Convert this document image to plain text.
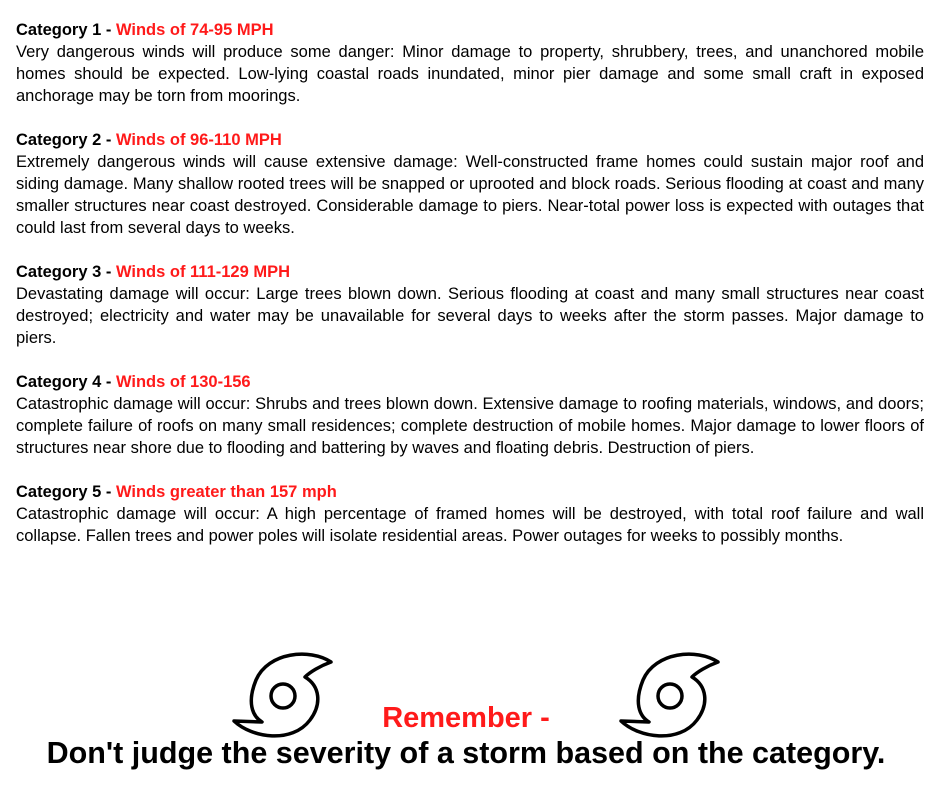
Category 1 - Winds of 74-95 MPH

Very dangerous winds will produce some danger: Minor damage to property, shrubbery, trees, and unanchored mobile homes should be expected. Low-lying coastal roads inundated, minor pier damage and some small craft in exposed anchorage may be torn from moorings.

Category 2 - Winds of 96-110 MPH

Extremely dangerous winds will cause extensive damage: Well-constructed frame homes could sustain major roof and siding damage. Many shallow rooted trees will be snapped or uprooted and block roads. Serious flooding at coast and many smaller structures near coast destroyed. Considerable damage to piers. Near-total power loss is expected with outages that could last from several days to weeks.

Category 3 - Winds of 111-129 MPH

Devastating damage will occur: Large trees blown down. Serious flooding at coast and many small structures near coast destroyed; electricity and water may be unavailable for several days to weeks after the storm passes. Major damage to piers.

Category 4 - Winds of 130-156

Catastrophic damage will occur: Shrubs and trees blown down. Extensive damage to roofing materials, windows, and doors; complete failure of roofs on many small residences; complete destruction of mobile homes. Major damage to lower floors of structures near shore due to flooding and battering by waves and floating debris. Destruction of piers.

Category 5 - Winds greater than 157 mph

Catastrophic damage will occur: A high percentage of framed homes will be destroyed, with total roof failure and wall collapse. Fallen trees and power poles will isolate residential areas. Power outages for weeks to possibly months.

Remember -
Don't judge the severity of a storm based on the category.
